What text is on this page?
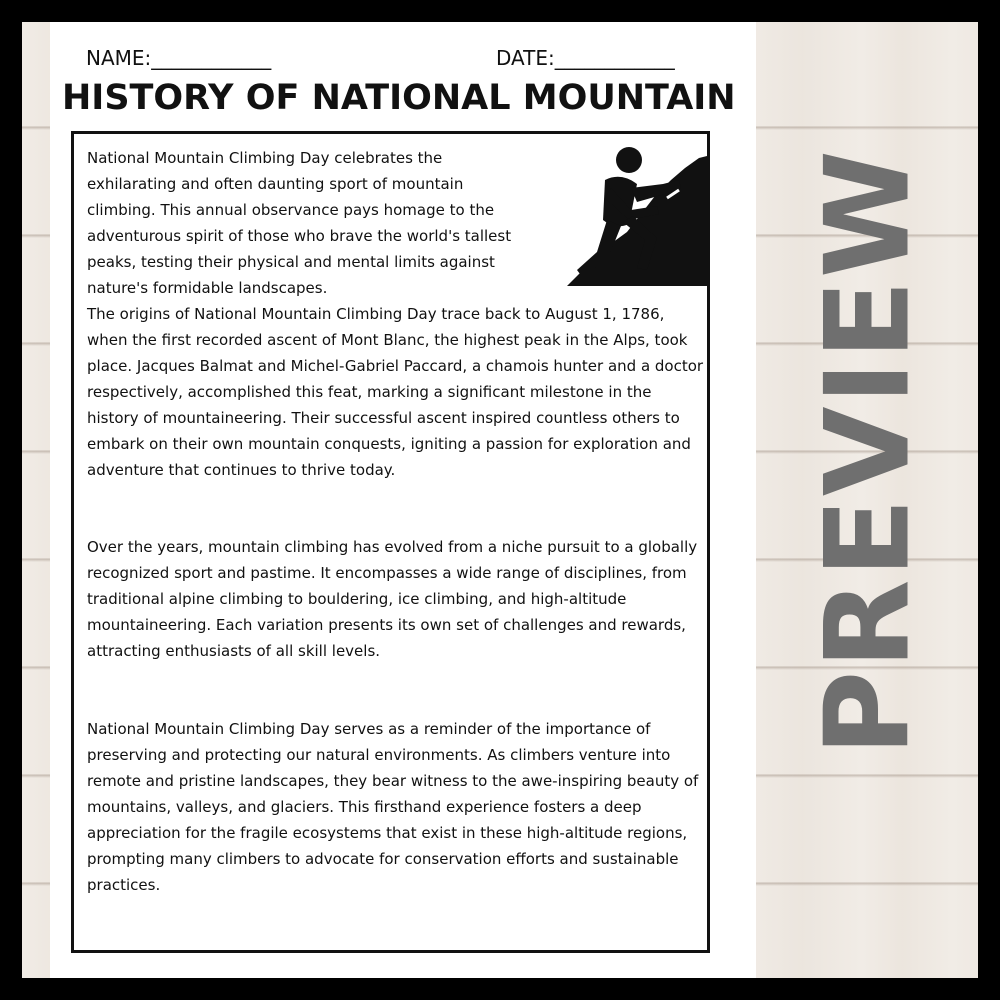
NAME:____________	DATE:____________
HISTORY OF NATIONAL MOUNTAIN

National Mountain Climbing Day celebrates the exhilarating and often daunting sport of mountain climbing. This annual observance pays homage to the adventurous spirit of those who brave the world's tallest peaks, testing their physical and mental limits against nature's formidable landscapes.

The origins of National Mountain Climbing Day trace back to August 1, 1786, when the first recorded ascent of Mont Blanc, the highest peak in the Alps, took place. Jacques Balmat and Michel-Gabriel Paccard, a chamois hunter and a doctor respectively, accomplished this feat, marking a significant milestone in the history of mountaineering. Their successful ascent inspired countless others to embark on their own mountain conquests, igniting a passion for exploration and adventure that continues to thrive today.

Over the years, mountain climbing has evolved from a niche pursuit to a globally recognized sport and pastime. It encompasses a wide range of disciplines, from traditional alpine climbing to bouldering, ice climbing, and high-altitude mountaineering. Each variation presents its own set of challenges and rewards, attracting enthusiasts of all skill levels.

National Mountain Climbing Day serves as a reminder of the importance of preserving and protecting our natural environments. As climbers venture into remote and pristine landscapes, they bear witness to the awe-inspiring beauty of mountains, valleys, and glaciers. This firsthand experience fosters a deep appreciation for the fragile ecosystems that exist in these high-altitude regions, prompting many climbers to advocate for conservation efforts and sustainable practices.

PREVIEW
